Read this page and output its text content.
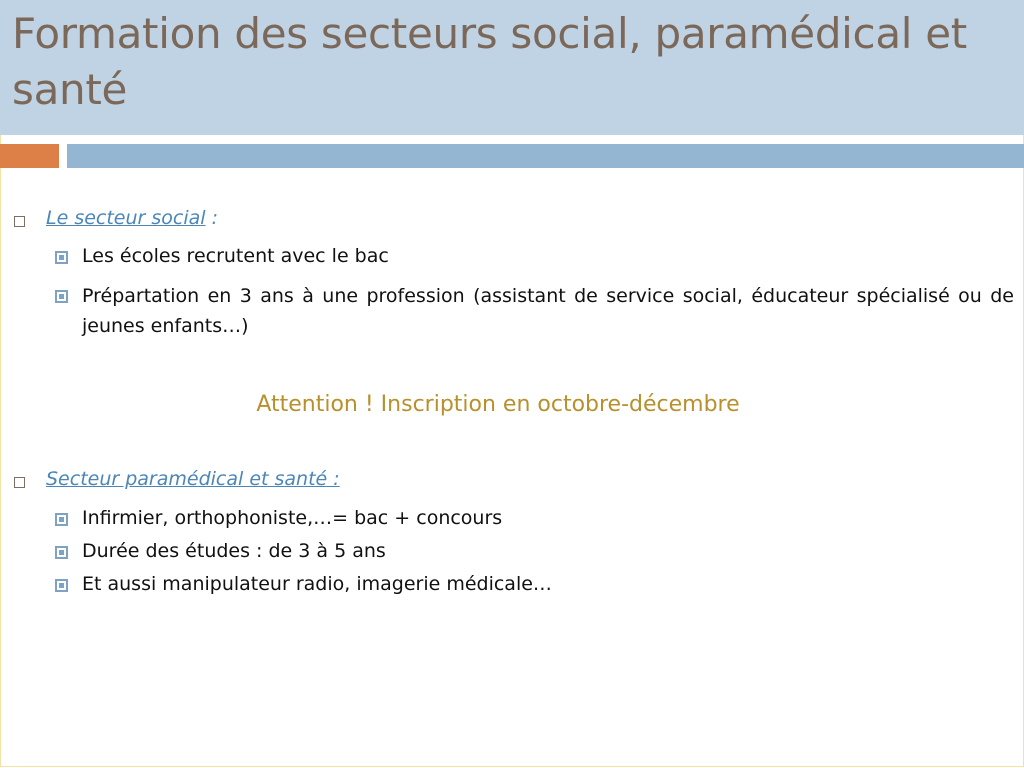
Formation des secteurs social, paramédical et santé
Le secteur social :
Les écoles recrutent avec le bac
Prépartation en 3 ans à une profession (assistant de service social, éducateur spécialisé ou de jeunes enfants…)
Attention ! Inscription en octobre-décembre
Secteur paramédical et santé :
Infirmier, orthophoniste,…= bac + concours
Durée des études : de 3 à 5 ans
Et aussi manipulateur radio, imagerie médicale…
